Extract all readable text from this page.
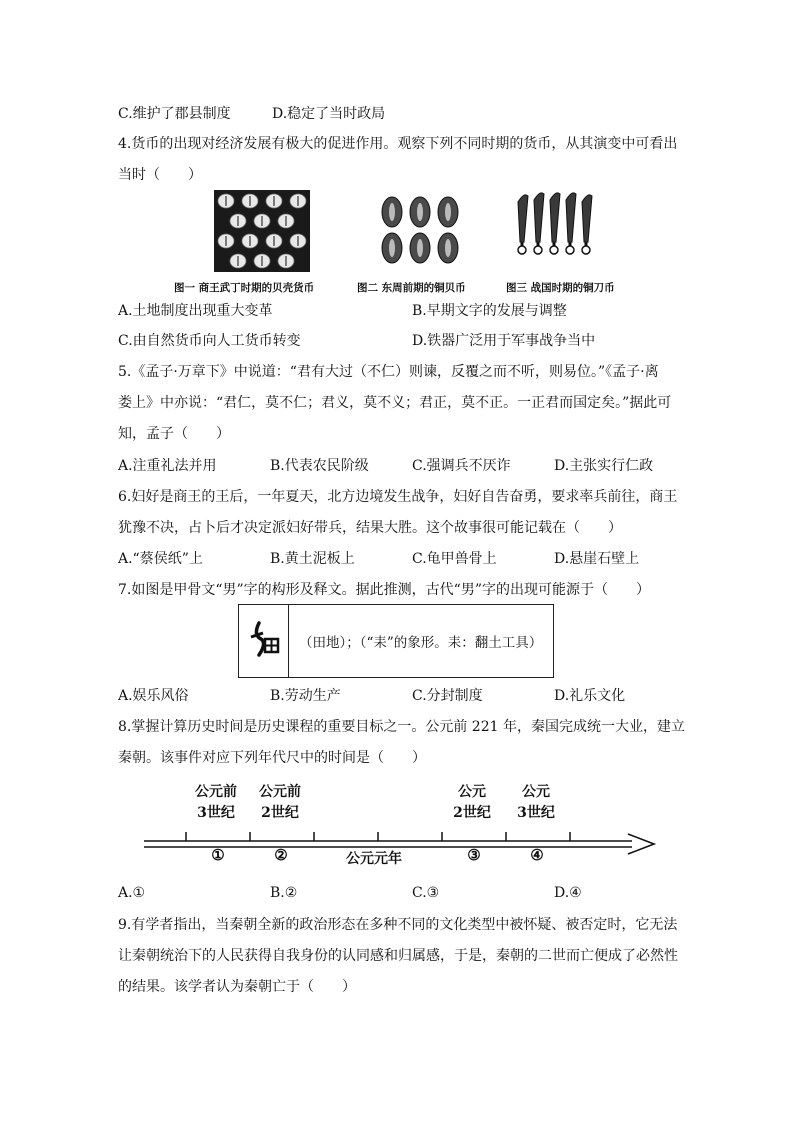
C.维护了郡县制度	D.稳定了当时政局
4.货币的出现对经济发展有极大的促进作用。观察下列不同时期的货币，从其演变中可看出
当时（　　）
图一 商王武丁时期的贝壳货币	图二 东周前期的铜贝币	图三 战国时期的铜刀币
A.土地制度出现重大变革	B.早期文字的发展与调整
C.由自然货币向人工货币转变	D.铁器广泛用于军事战争当中
5.《孟子·万章下》中说道：“君有大过（不仁）则谏，反覆之而不听，则易位。”《孟子·离
娄上》中亦说：“君仁，莫不仁；君义，莫不义；君正，莫不正。一正君而国定矣。”据此可
知，孟子（　　）
A.注重礼法并用	B.代表农民阶级	C.强调兵不厌诈	D.主张实行仁政
6.妇好是商王的王后，一年夏天，北方边境发生战争，妇好自告奋勇，要求率兵前往，商王
犹豫不决，占卜后才决定派妇好带兵，结果大胜。这个故事很可能记载在（　　）
A.“蔡侯纸”上	B.黄土泥板上	C.龟甲兽骨上	D.悬崖石壁上
7.如图是甲骨文“男”字的构形及释文。据此推测，古代“男”字的出现可能源于（　　）
（田地）；（“耒”的象形。耒：翻土工具）
A.娱乐风俗	B.劳动生产	C.分封制度	D.礼乐文化
8.掌握计算历史时间是历史课程的重要目标之一。公元前 221 年，秦国完成统一大业，建立
秦朝。该事件对应下列年代尺中的时间是（　　）
公元前
3世纪
公元前
2世纪
公元
2世纪
公元
3世纪
①	②	公元元年	③	④
A.①	B.②	C.③	D.④
9.有学者指出，当秦朝全新的政治形态在多种不同的文化类型中被怀疑、被否定时，它无法
让秦朝统治下的人民获得自我身份的认同感和归属感，于是，秦朝的二世而亡便成了必然性
的结果。该学者认为秦朝亡于（　　）
